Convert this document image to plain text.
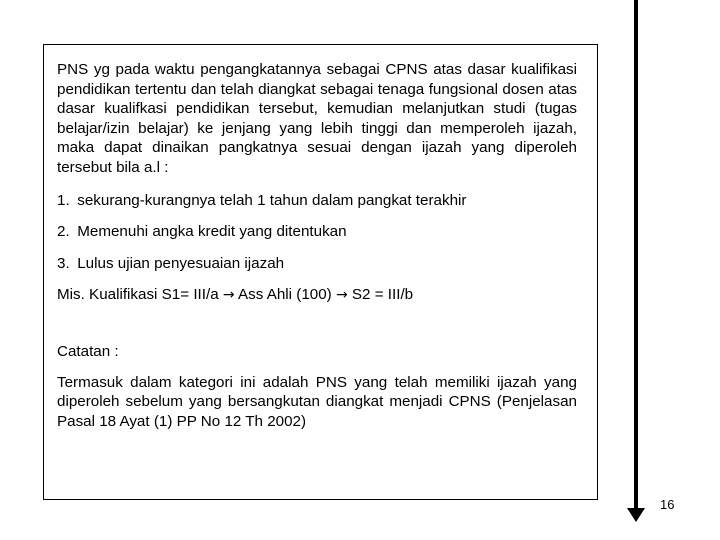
PNS yg pada waktu pengangkatannya sebagai CPNS atas dasar kualifikasi pendidikan tertentu dan telah diangkat sebagai tenaga fungsional dosen atas dasar kualifkasi pendidikan tersebut, kemudian melanjutkan studi (tugas belajar/izin belajar) ke jenjang yang lebih tinggi dan memperoleh ijazah, maka dapat dinaikan pangkatnya sesuai dengan ijazah yang diperoleh tersebut bila a.l :

1. sekurang-kurangnya telah 1 tahun dalam pangkat terakhir

2. Memenuhi angka kredit yang ditentukan

3. Lulus ujian penyesuaian ijazah

Mis. Kualifikasi S1= III/a → Ass Ahli (100) → S2 = III/b

Catatan :

Termasuk dalam kategori ini adalah PNS yang telah memiliki ijazah yang diperoleh sebelum yang bersangkutan diangkat menjadi CPNS (Penjelasan Pasal 18 Ayat (1) PP No 12 Th 2002)

16
